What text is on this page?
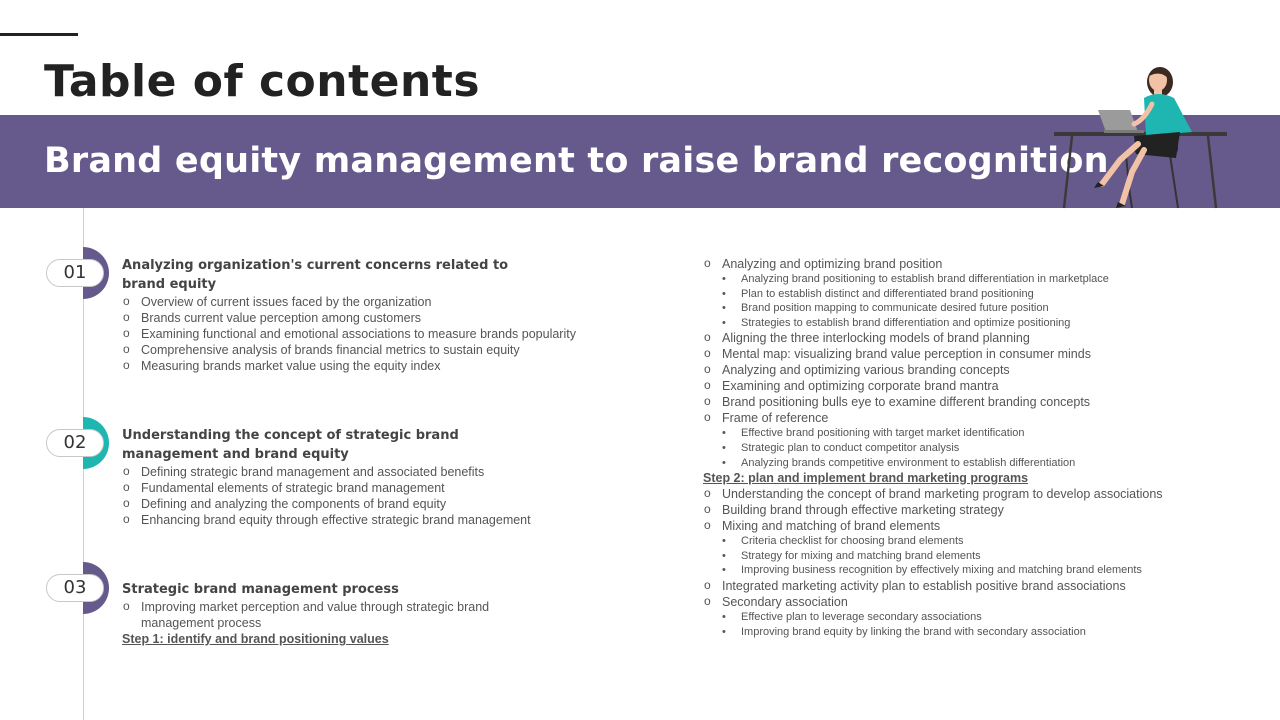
Table of contents
Brand equity management to raise brand recognition
01	Analyzing organization's current concerns related to brand equity
o Overview of current issues faced by the organization
o Brands current value perception among customers
o Examining functional and emotional associations to measure brands popularity
o Comprehensive analysis of brands financial metrics to sustain equity
o Measuring brands market value using the equity index
02	Understanding the concept of strategic brand management and brand equity
o Defining strategic brand management and associated benefits
o Fundamental elements of strategic brand management
o Defining and analyzing the components of brand equity
o Enhancing brand equity through effective strategic brand management
03	Strategic brand management process
o Improving market perception and value through strategic brand management process
Step 1: identify and brand positioning values
o Analyzing and optimizing brand position
• Analyzing brand positioning to establish brand differentiation in marketplace
• Plan to establish distinct and differentiated brand positioning
• Brand position mapping to communicate desired future position
• Strategies to establish brand differentiation and optimize positioning
o Aligning the three interlocking models of brand planning
o Mental map: visualizing brand value perception in consumer minds
o Analyzing and optimizing various branding concepts
o Examining and optimizing corporate brand mantra
o Brand positioning bulls eye to examine different branding concepts
o Frame of reference
• Effective brand positioning with target market identification
• Strategic plan to conduct competitor analysis
• Analyzing brands competitive environment to establish differentiation
Step 2: plan and implement brand marketing programs
o Understanding the concept of brand marketing program to develop associations
o Building brand through effective marketing strategy
o Mixing and matching of brand elements
• Criteria checklist for choosing brand elements
• Strategy for mixing and matching brand elements
• Improving business recognition by effectively mixing and matching brand elements
o Integrated marketing activity plan to establish positive brand associations
o Secondary association
• Effective plan to leverage secondary associations
• Improving brand equity by linking the brand with secondary association
